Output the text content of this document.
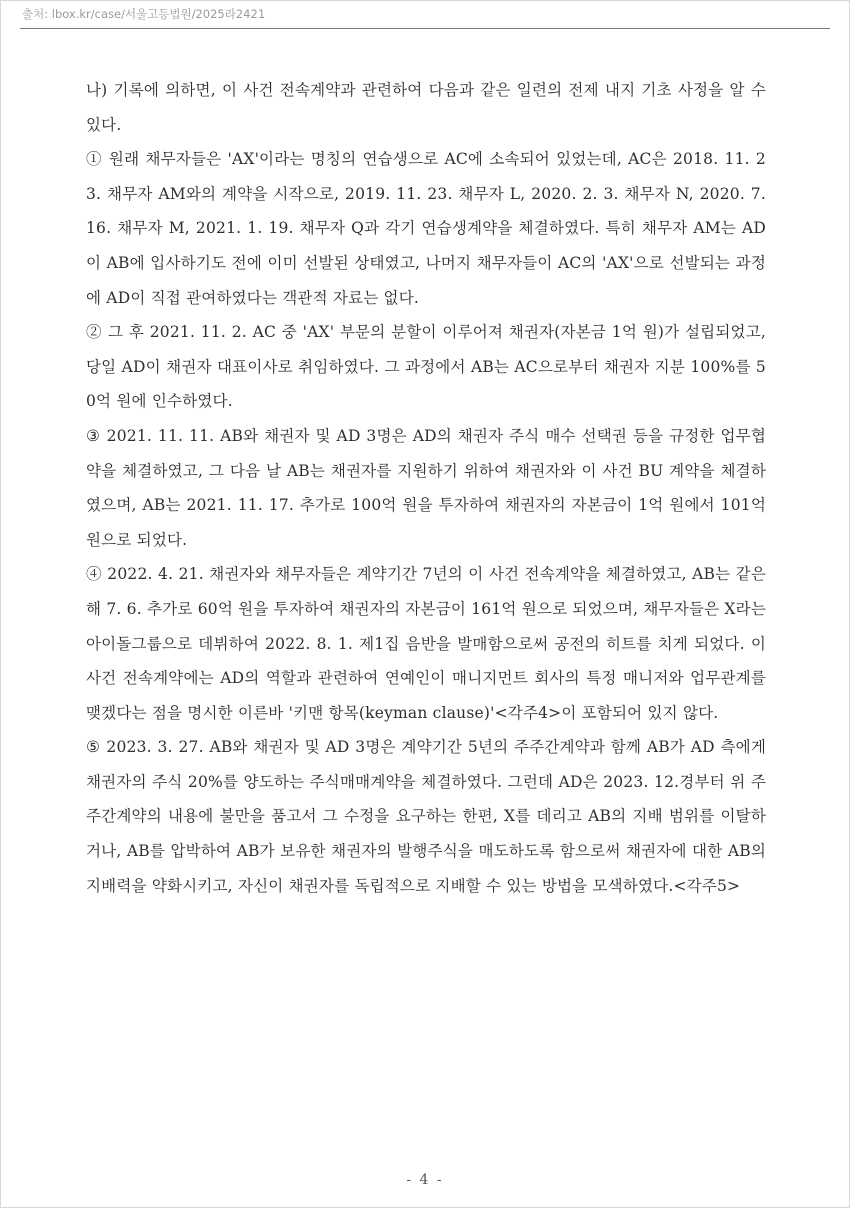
출처: lbox.kr/case/서울고등법원/2025라2421

나) 기록에 의하면, 이 사건 전속계약과 관련하여 다음과 같은 일련의 전제 내지 기초 사정을 알 수 있다.

① 원래 채무자들은 'AX'이라는 명칭의 연습생으로 AC에 소속되어 있었는데, AC은 2018. 11. 23. 채무자 AM와의 계약을 시작으로, 2019. 11. 23. 채무자 L, 2020. 2. 3. 채무자 N, 2020. 7. 16. 채무자 M, 2021. 1. 19. 채무자 Q과 각기 연습생계약을 체결하였다. 특히 채무자 AM는 AD이 AB에 입사하기도 전에 이미 선발된 상태였고, 나머지 채무자들이 AC의 'AX'으로 선발되는 과정에 AD이 직접 관여하였다는 객관적 자료는 없다.

② 그 후 2021. 11. 2. AC 중 'AX' 부문의 분할이 이루어져 채권자(자본금 1억 원)가 설립되었고, 당일 AD이 채권자 대표이사로 취임하였다. 그 과정에서 AB는 AC으로부터 채권자 지분 100%를 50억 원에 인수하였다.

③ 2021. 11. 11. AB와 채권자 및 AD 3명은 AD의 채권자 주식 매수 선택권 등을 규정한 업무협약을 체결하였고, 그 다음 날 AB는 채권자를 지원하기 위하여 채권자와 이 사건 BU 계약을 체결하였으며, AB는 2021. 11. 17. 추가로 100억 원을 투자하여 채권자의 자본금이 1억 원에서 101억 원으로 되었다.

④ 2022. 4. 21. 채권자와 채무자들은 계약기간 7년의 이 사건 전속계약을 체결하였고, AB는 같은 해 7. 6. 추가로 60억 원을 투자하여 채권자의 자본금이 161억 원으로 되었으며, 채무자들은 X라는 아이돌그룹으로 데뷔하여 2022. 8. 1. 제1집 음반을 발매함으로써 공전의 히트를 치게 되었다. 이 사건 전속계약에는 AD의 역할과 관련하여 연예인이 매니지먼트 회사의 특정 매니저와 업무관계를 맺겠다는 점을 명시한 이른바 '키맨 항목(keyman clause)'<각주4>이 포함되어 있지 않다.

⑤ 2023. 3. 27. AB와 채권자 및 AD 3명은 계약기간 5년의 주주간계약과 함께 AB가 AD 측에게 채권자의 주식 20%를 양도하는 주식매매계약을 체결하였다. 그런데 AD은 2023. 12.경부터 위 주주간계약의 내용에 불만을 품고서 그 수정을 요구하는 한편, X를 데리고 AB의 지배 범위를 이탈하거나, AB를 압박하여 AB가 보유한 채권자의 발행주식을 매도하도록 함으로써 채권자에 대한 AB의 지배력을 약화시키고, 자신이 채권자를 독립적으로 지배할 수 있는 방법을 모색하였다.<각주5>

- 4 -
